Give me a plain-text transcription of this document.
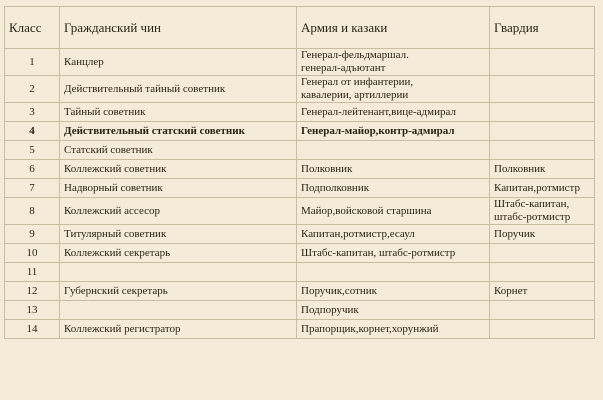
Класс	Гражданский чин	Армия и казаки	Гвардия
1	Канцлер	Генерал-фельдмаршал.
генерал-адъютант	

2	Действительный тайный советник	Генерал от инфантерии,
кавалерии, артиллерии	

3	Тайный советник	Генерал-лейтенант,вице-адмирал	

4	Действительный статский советник	Генерал-майор,контр-адмирал	

5	Статский советник		
6	Коллежский советник	Полковник	Полковник

7	Надворный советник	Подполковник	Капитан,ротмистр

8	Коллежский ассесор	Майор,войсковой старшина	Штабс-капитан,
штабс-ротмистр

9	Титулярный советник	Капитан,ротмистр,есаул	Поручик

10	Коллежский секретарь	Штабс-капитан, штабс-ротмистр	

11			
12	Губернский секретарь	Поручик,сотник	Корнет

13		Подпоручик	

14	Коллежский регистратор	Прапорщик,корнет,хорунжий	
